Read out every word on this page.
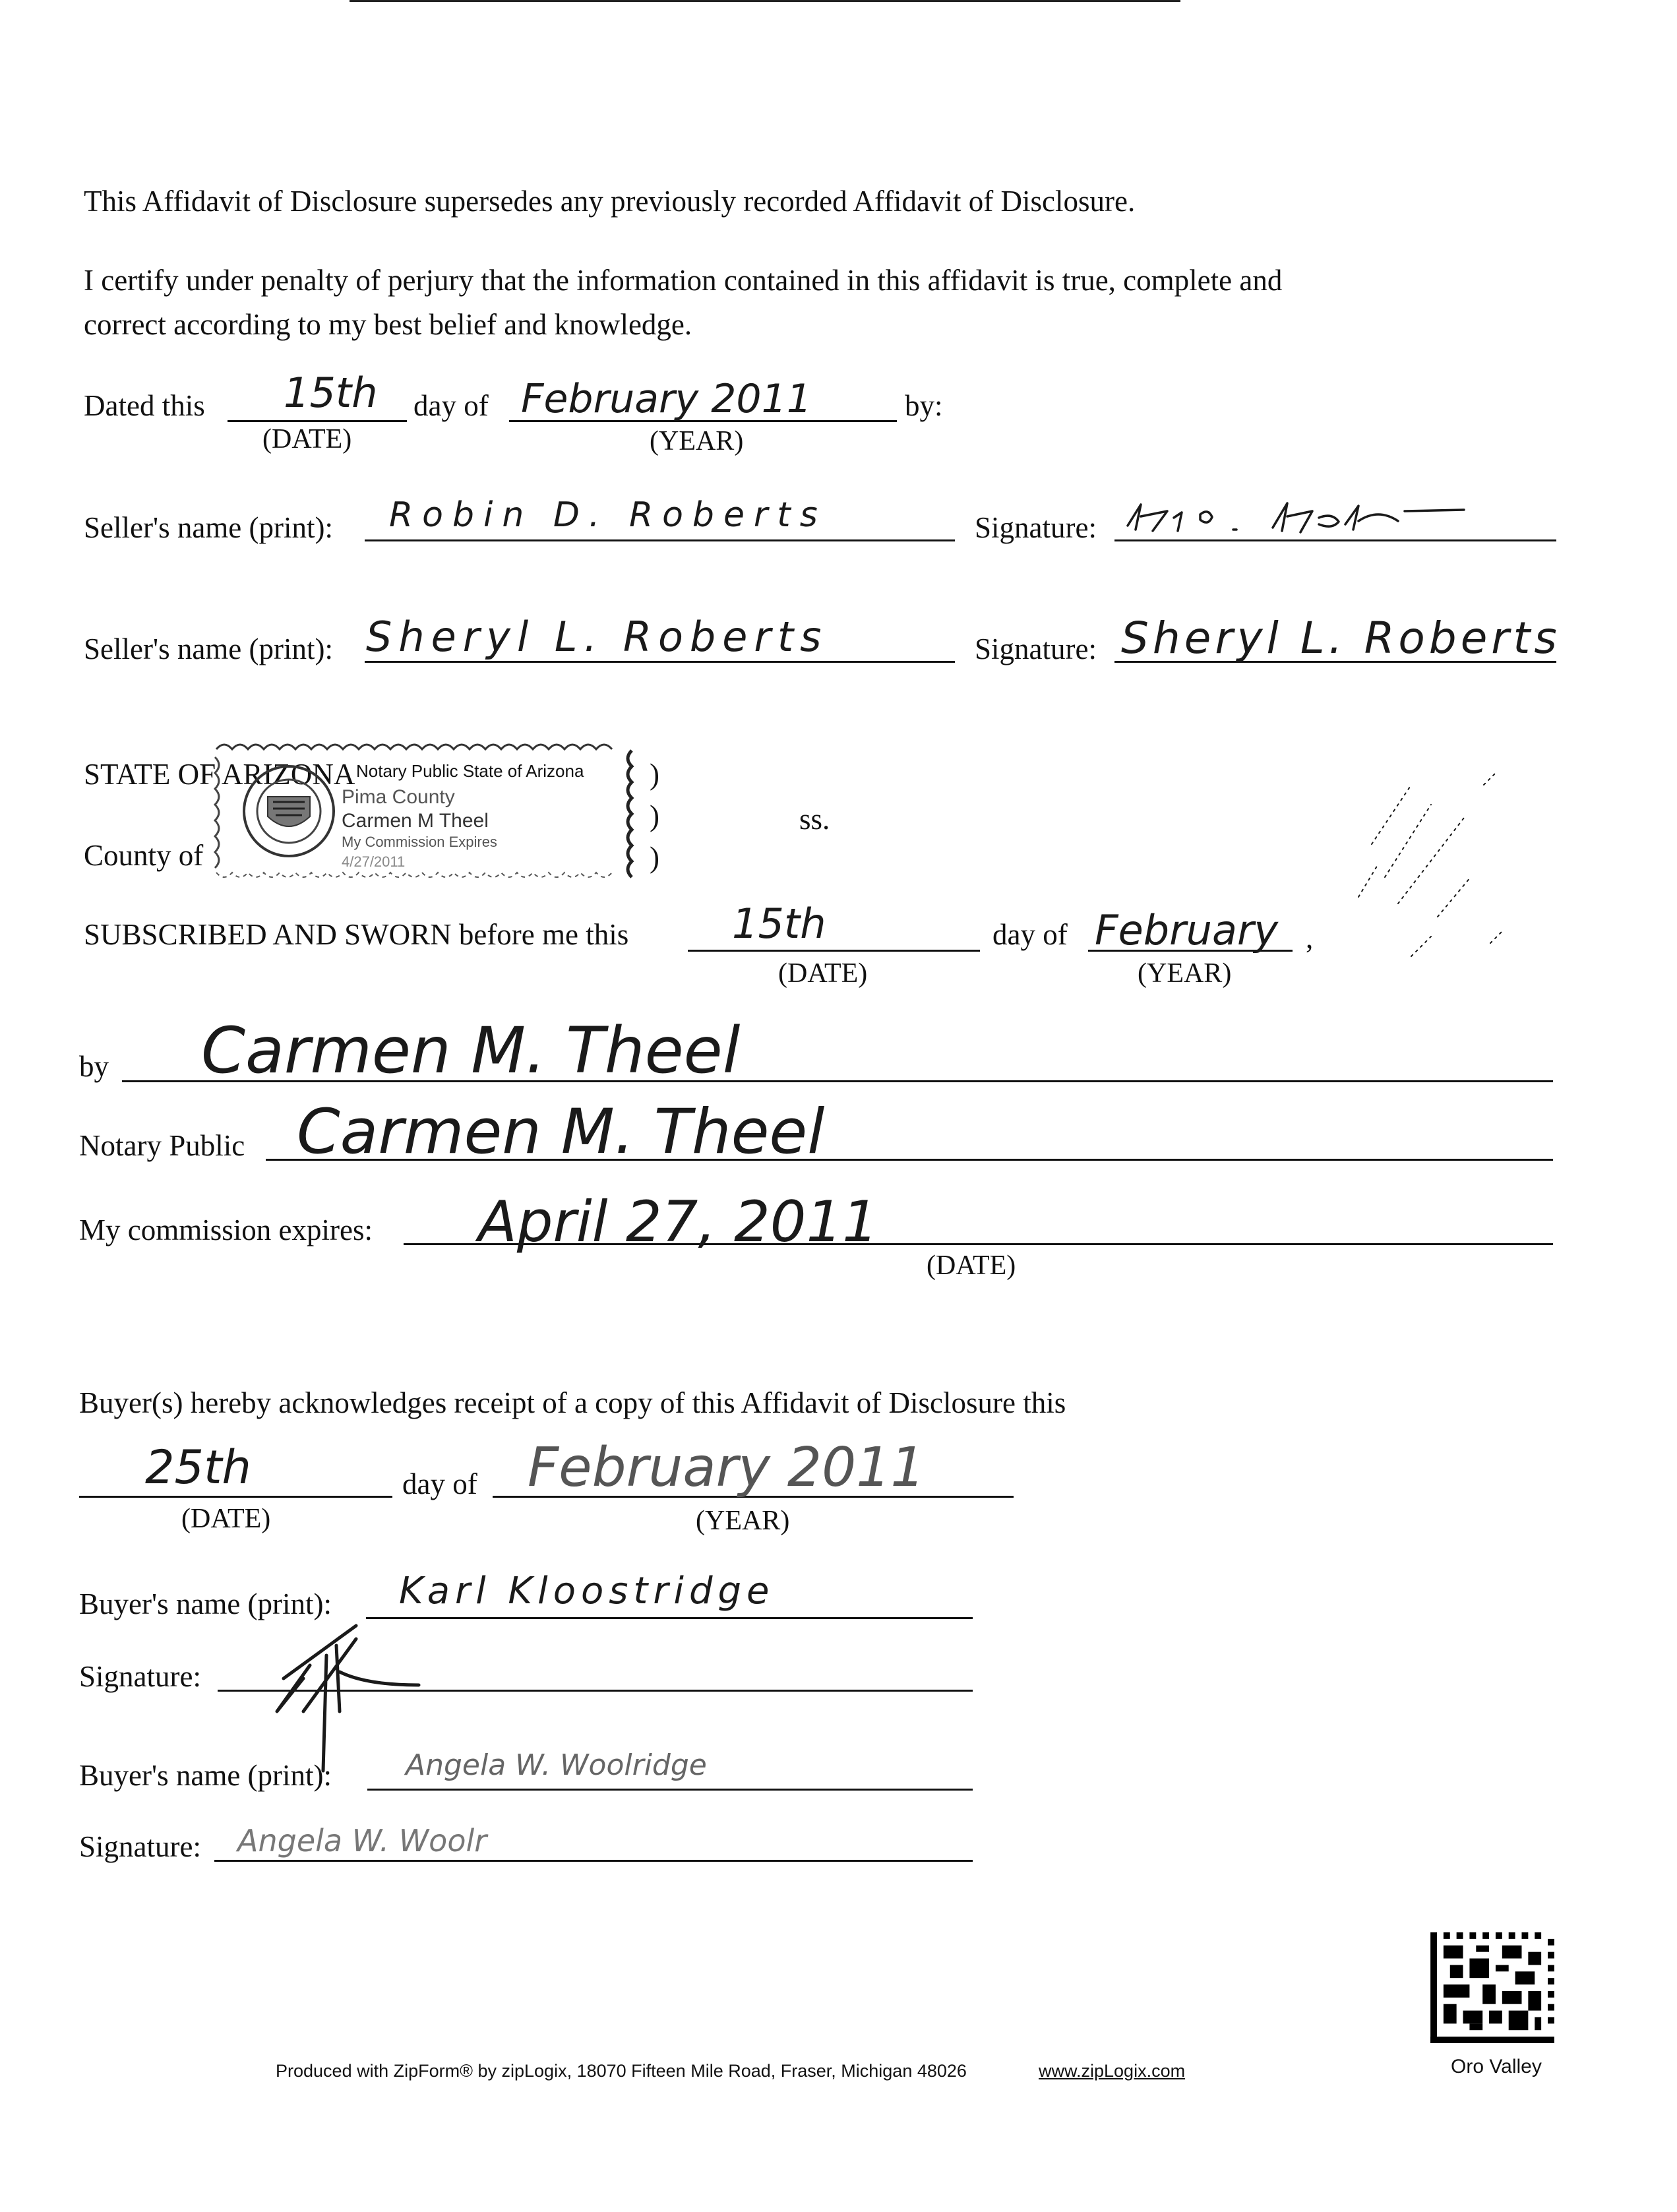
This Affidavit of Disclosure supersedes any previously recorded Affidavit of Disclosure.
I certify under penalty of perjury that the information contained in this affidavit is true, complete and
correct according to my best belief and knowledge.
Dated this 15th day of February 2011	by:
(DATE)	(YEAR)
Seller's name (print): Robin D. Roberts	Signature:
Seller's name (print): Sheryl L. Roberts	Signature: Sheryl L. Roberts
STATE OF ARIZONA
County of
ss.
)
)
)
Notary Public State of Arizona
Pima County
Carmen M Theel
My Commission Expires
4/27/2011
SUBSCRIBED AND SWORN before me this	15th	day of February ,
(DATE)	(YEAR)
by Carmen M. Theel
Notary Public Carmen M. Theel
My commission expires: April 27, 2011
(DATE)
Buyer(s) hereby acknowledges receipt of a copy of this Affidavit of Disclosure this
25th	day of February 2011
(DATE)	(YEAR)
Buyer's name (print): Karl Kloostridge
Signature:
Buyer's name (print):	Angela W. Woolridge
Signature: Angela W. Woolr
Oro Valley
Produced with ZipForm® by zipLogix, 18070 Fifteen Mile Road, Fraser, Michigan 48026	www.zipLogix.com
